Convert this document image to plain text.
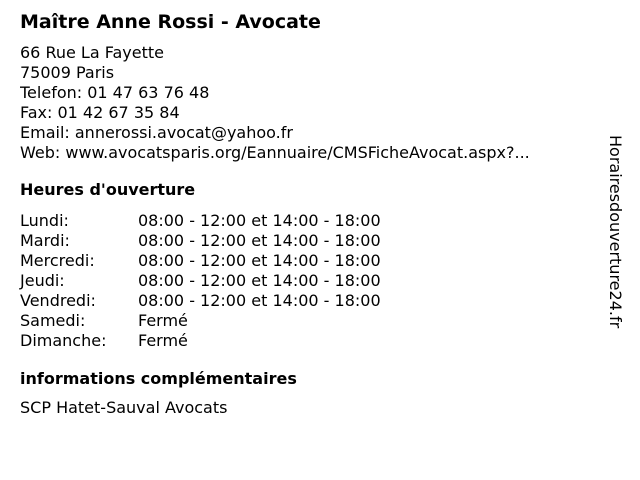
Maître Anne Rossi - Avocate
66 Rue La Fayette
75009 Paris
Telefon: 01 47 63 76 48
Fax: 01 42 67 35 84
Email: annerossi.avocat@yahoo.fr
Web: www.avocatsparis.org/Eannuaire/CMSFicheAvocat.aspx?...
Heures d'ouverture
Lundi:	08:00 - 12:00 et 14:00 - 18:00
Mardi:	08:00 - 12:00 et 14:00 - 18:00
Mercredi:	08:00 - 12:00 et 14:00 - 18:00
Jeudi:	08:00 - 12:00 et 14:00 - 18:00
Vendredi:	08:00 - 12:00 et 14:00 - 18:00
Samedi:	Fermé
Dimanche:	Fermé
informations complémentaires
SCP Hatet-Sauval Avocats
Horairesdouverture24.fr
